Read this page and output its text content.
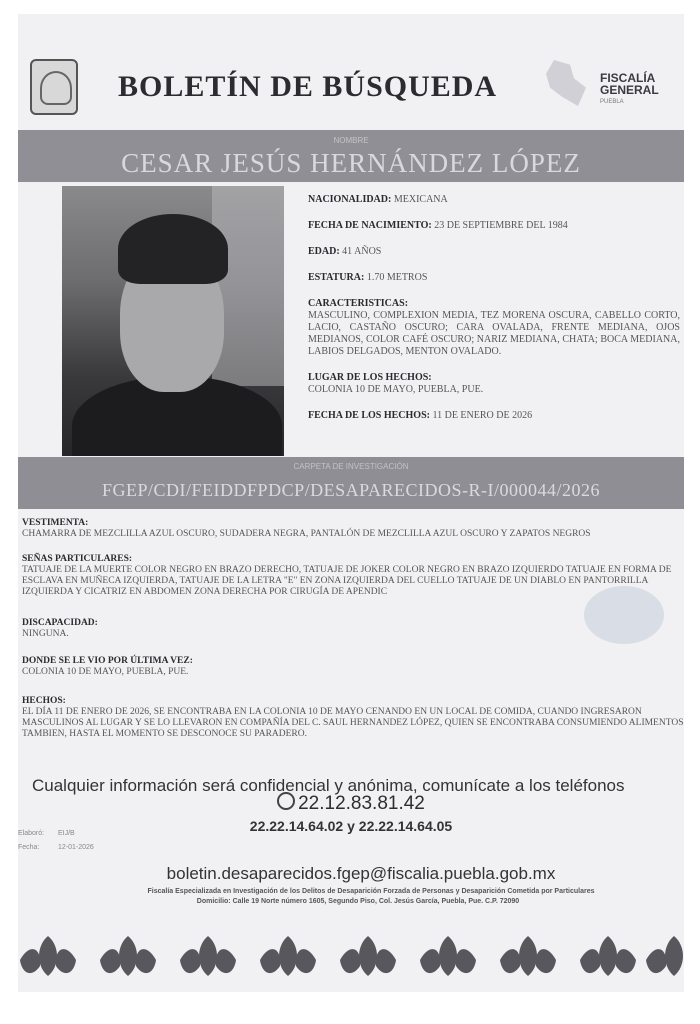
BOLETÍN DE BÚSQUEDA	FISCALÍA
GENERAL
PUEBLA
NOMBRE
CESAR JESÚS HERNÁNDEZ LÓPEZ
NACIONALIDAD: MEXICANA
FECHA DE NACIMIENTO: 23 DE SEPTIEMBRE DEL 1984
EDAD: 41 AÑOS
ESTATURA: 1.70 METROS
CARACTERISTICAS:
MASCULINO, COMPLEXION MEDIA, TEZ MORENA OSCURA, CABELLO CORTO, LACIO, CASTAÑO OSCURO; CARA OVALADA, FRENTE MEDIANA, OJOS MEDIANOS, COLOR CAFÉ OSCURO; NARIZ MEDIANA, CHATA; BOCA MEDIANA, LABIOS DELGADOS, MENTON OVALADO.
LUGAR DE LOS HECHOS:
COLONIA 10 DE MAYO, PUEBLA, PUE.
FECHA DE LOS HECHOS: 11 DE ENERO DE 2026
CARPETA DE INVESTIGACIÓN
FGEP/CDI/FEIDDFPDCP/DESAPARECIDOS-R-I/000044/2026
VESTIMENTA:
CHAMARRA DE MEZCLILLA AZUL OSCURO, SUDADERA NEGRA, PANTALÓN DE MEZCLILLA AZUL OSCURO Y ZAPATOS NEGROS
SEÑAS PARTICULARES:
TATUAJE DE LA MUERTE COLOR NEGRO EN BRAZO DERECHO, TATUAJE DE JOKER COLOR NEGRO EN BRAZO IZQUIERDO TATUAJE EN FORMA DE ESCLAVA EN MUÑECA IZQUIERDA, TATUAJE DE LA LETRA "E" EN ZONA IZQUIERDA DEL CUELLO TATUAJE DE UN DIABLO EN PANTORRILLA IZQUIERDA Y CICATRIZ EN ABDOMEN ZONA DERECHA POR CIRUGÍA DE APENDIC
DISCAPACIDAD:
NINGUNA.
DONDE SE LE VIO POR ÚLTIMA VEZ:
COLONIA 10 DE MAYO, PUEBLA, PUE.
HECHOS:
EL DÍA 11 DE ENERO DE 2026, SE ENCONTRABA EN LA COLONIA 10 DE MAYO CENANDO EN UN LOCAL DE COMIDA, CUANDO INGRESARON MASCULINOS AL LUGAR Y SE LO LLEVARON EN COMPAÑÍA DEL C. SAUL HERNANDEZ LÓPEZ, QUIEN SE ENCONTRABA CONSUMIENDO ALIMENTOS TAMBIEN, HASTA EL MOMENTO SE DESCONOCE SU PARADERO.
Cualquier información será confidencial y anónima, comunícate a los teléfonos
22.12.83.81.42
22.22.14.64.02 y 22.22.14.64.05
Elaboró: EIJ/B
Fecha:	12-01-2026
boletin.desaparecidos.fgep@fiscalia.puebla.gob.mx
Fiscalía Especializada en Investigación de los Delitos de Desaparición Forzada de Personas y Desaparición Cometida por Particulares
Domicilio: Calle 19 Norte número 1605, Segundo Piso, Col. Jesús García, Puebla, Pue. C.P. 72090
